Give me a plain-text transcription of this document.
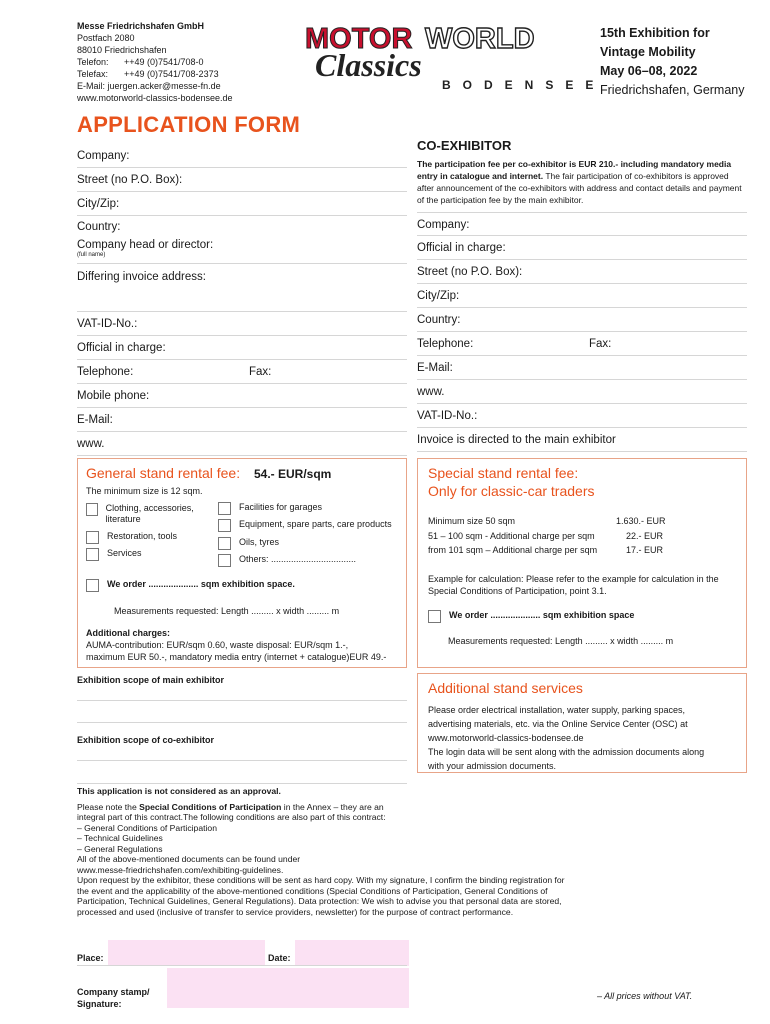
Messe Friedrichshafen GmbH
Postfach 2080
88010 Friedrichshafen
Telefon:	++49 (0)7541/708-0
Telefax:	++49 (0)7541/708-2373
E-Mail: juergen.acker@messe-fn.de
www.motorworld-classics-bodensee.de
MOTOR WORLD
Classics
BODENSEE
15th Exhibition for
Vintage Mobility
May 06–08, 2022
Friedrichshafen, Germany
APPLICATION FORM
Company:
Street (no P.O. Box):
City/Zip:
Country:
Company head or director:
(full name)
Differing invoice address:
VAT-ID-No.:
Official in charge:
Telephone:	Fax:
Mobile phone:
E-Mail:
www.
CO-EXHIBITOR
The participation fee per co-exhibitor is EUR 210.- including mandatory media entry in catalogue and internet. The fair participation of co-exhibitors is approved after announcement of the co-exhibitors with address and contact details and payment of the participation fee by the main exhibitor.
Company:
Official in charge:
Street (no P.O. Box):
City/Zip:
Country:
Telephone:	Fax:
E-Mail:
www.
VAT-ID-No.:
Invoice is directed to the main exhibitor
General stand rental fee: 54.- EUR/sqm
The minimum size is 12 sqm.
Clothing, accessories, literature
Restoration, tools
Services
Facilities for garages
Equipment, spare parts, care products
Oils, tyres
Others: ..................................
We order .................... sqm exhibition space.
Measurements requested: Length ......... x width ......... m
Additional charges:
AUMA-contribution: EUR/sqm 0.60, waste disposal: EUR/sqm 1.-,
maximum EUR 50.-, mandatory media entry (internet + catalogue)EUR 49.-
Special stand rental fee:
Only for classic-car traders
Minimum size 50 sqm	1.630.- EUR
51 – 100 sqm - Additional charge per sqm	22.- EUR
from 101 sqm – Additional charge per sqm	17.- EUR
Example for calculation: Please refer to the example for calculation in the Special Conditions of Participation, point 3.1.
We order .................... sqm exhibition space
Measurements requested: Length ......... x width ......... m
Exhibition scope of main exhibitor
Exhibition scope of co-exhibitor
Additional stand services
Please order electrical installation, water supply, parking spaces,
advertising materials, etc. via the Online Service Center (OSC) at
www.motorworld-classics-bodensee.de
The login data will be sent along with the admission documents along
with your admission documents.
This application is not considered as an approval.
Please note the Special Conditions of Participation in the Annex – they are an integral part of this contract.The following conditions are also part of this contract:
– General Conditions of Participation
– Technical Guidelines
– General Regulations
All of the above-mentioned documents can be found under www.messe-friedrichshafen.com/exhibiting-guidelines.
Upon request by the exhibitor, these conditions will be sent as hard copy. With my signature, I confirm the binding registration for the event and the applicability of the above-mentioned conditions (Special Conditions of Participation, General Conditions of Participation, Technical Guidelines, General Regulations). Data protection: We wish to advise you that personal data are stored, processed and used (inclusive of transfer to service providers, newsletter) for the purpose of contract performance.
Place:	Date:
Company stamp/
Signature:
– All prices without VAT.
